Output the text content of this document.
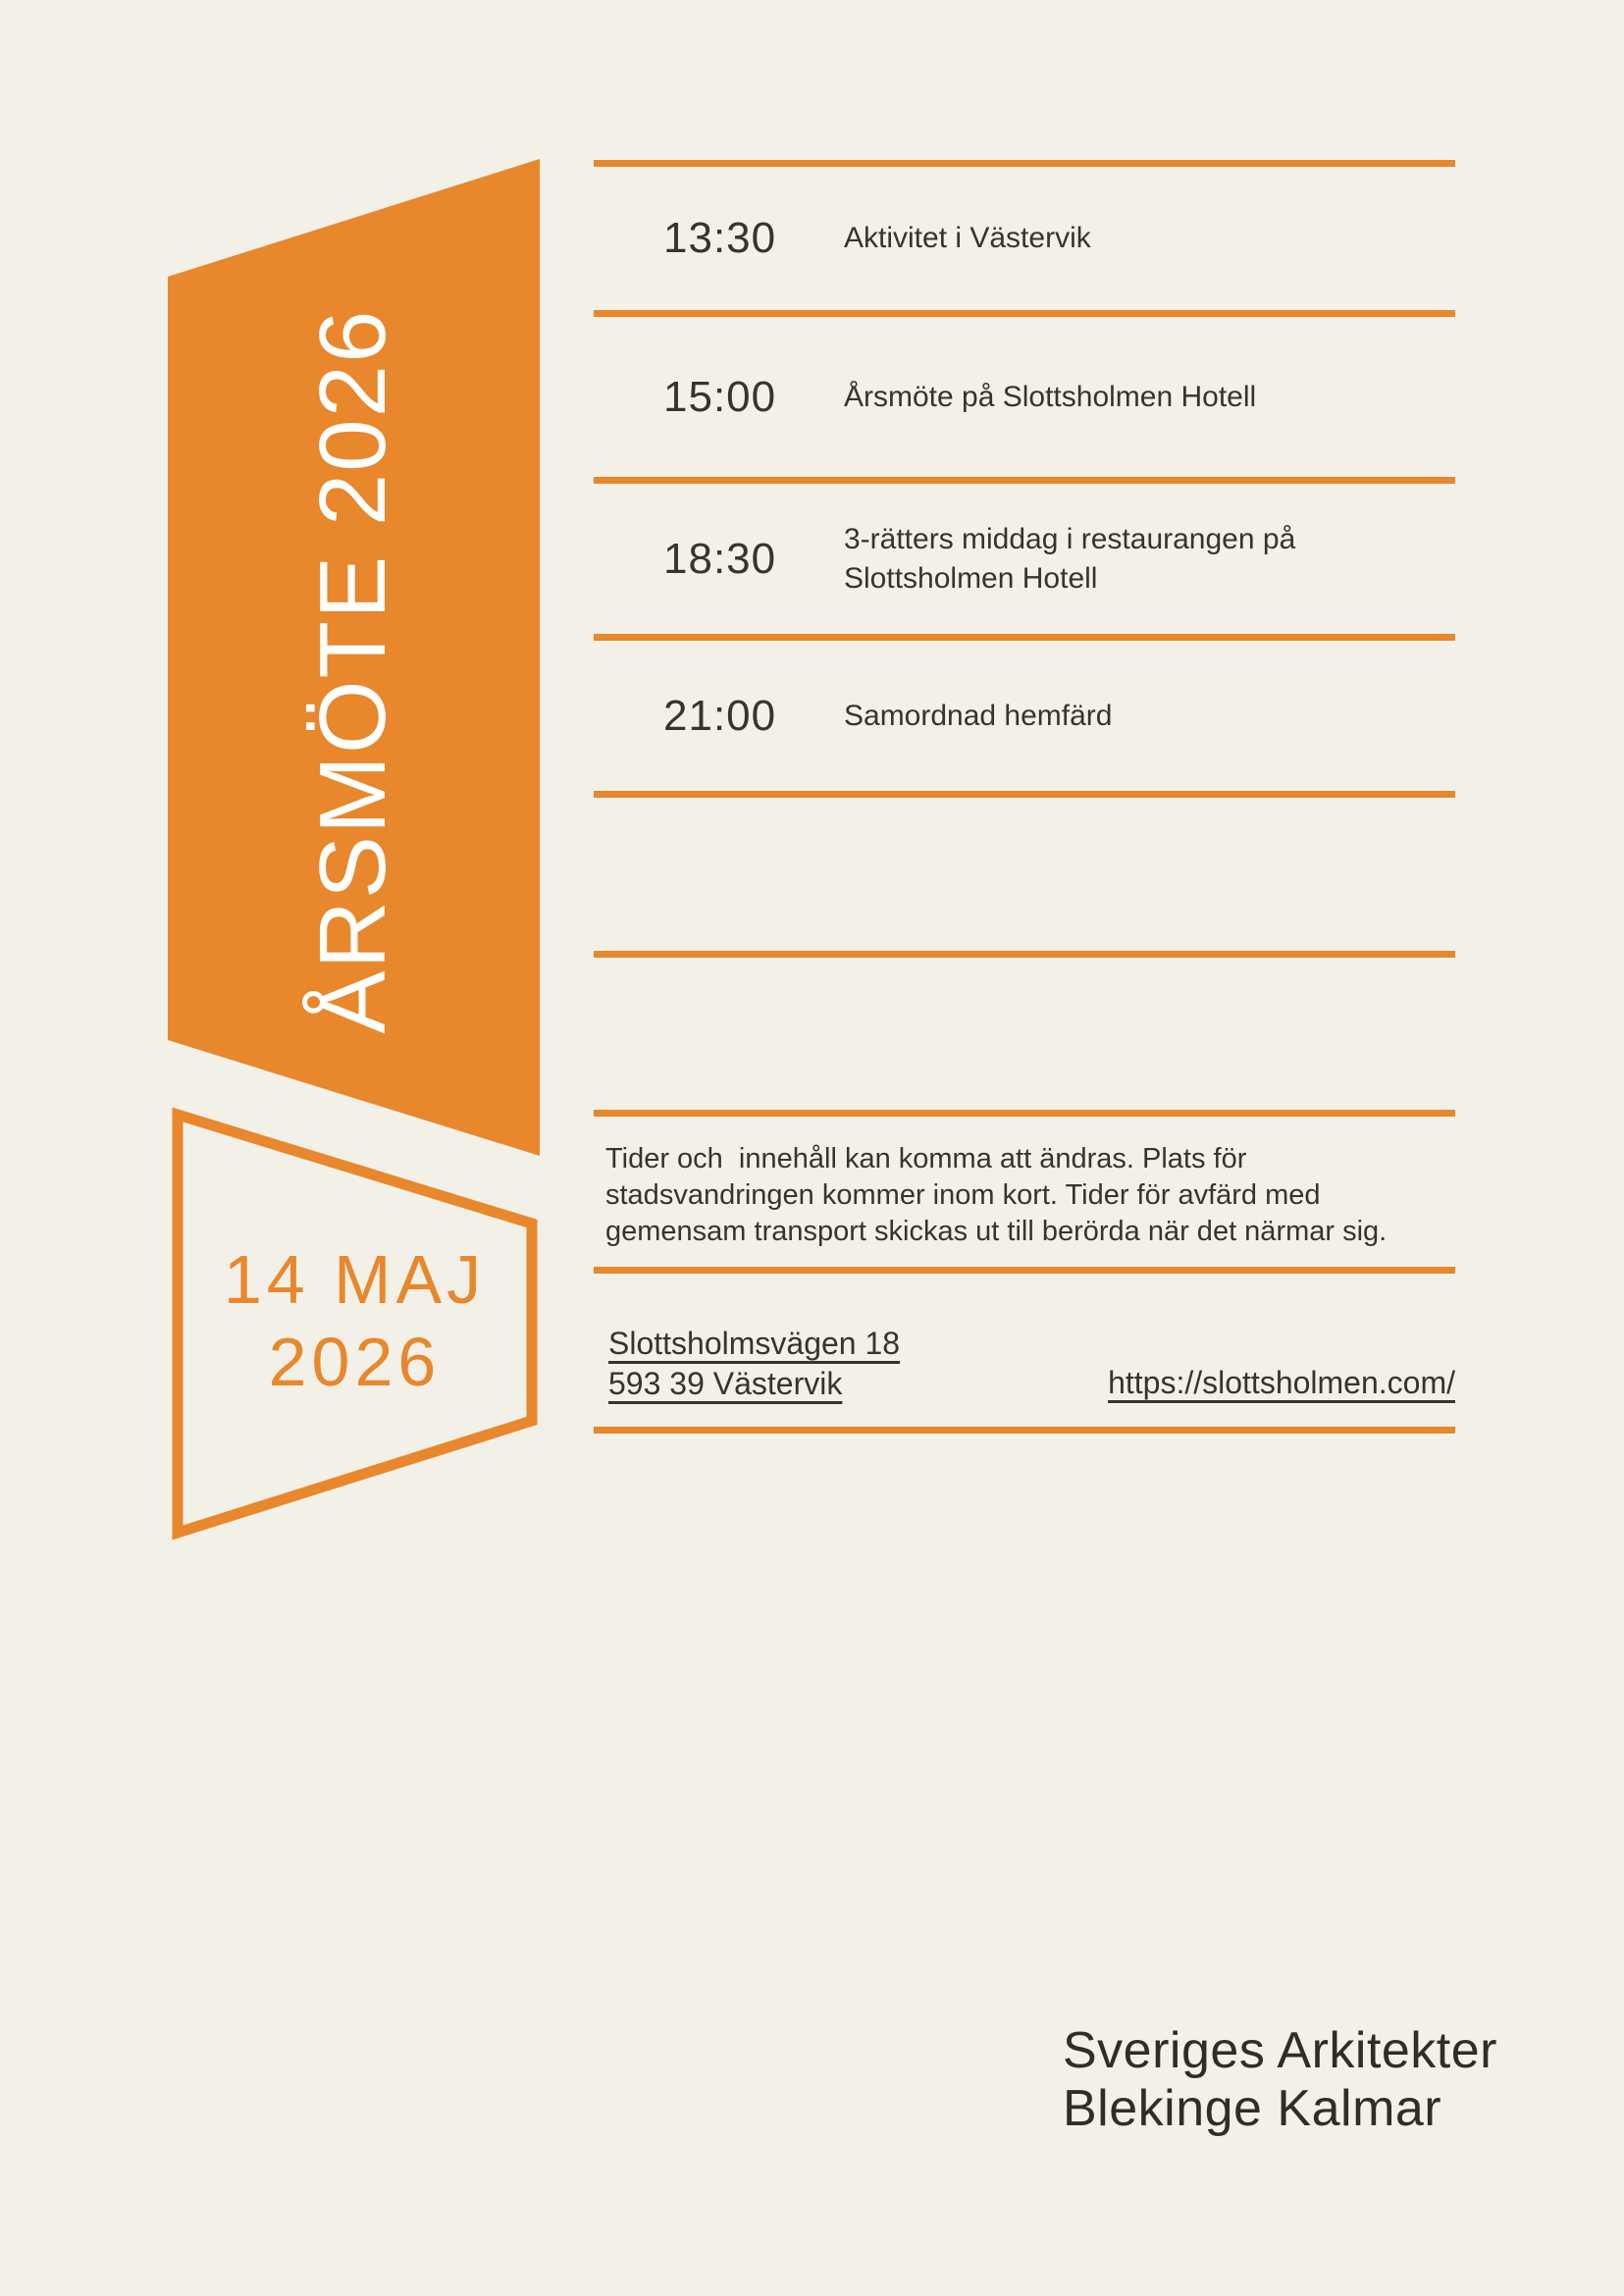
ÅRSMÖTE 2026
14 MAJ
2026
13:30	Aktivitet i Västervik
15:00	Årsmöte på Slottsholmen Hotell
18:30	3-rätters middag i restaurangen på Slottsholmen Hotell
21:00	Samordnad hemfärd
Tider och  innehåll kan komma att ändras. Plats för
stadsvandringen kommer inom kort. Tider för avfärd med
gemensam transport skickas ut till berörda när det närmar sig.
Slottsholmsvägen 18
593 39 Västervik	https://slottsholmen.com/
Sveriges Arkitekter
Blekinge Kalmar
